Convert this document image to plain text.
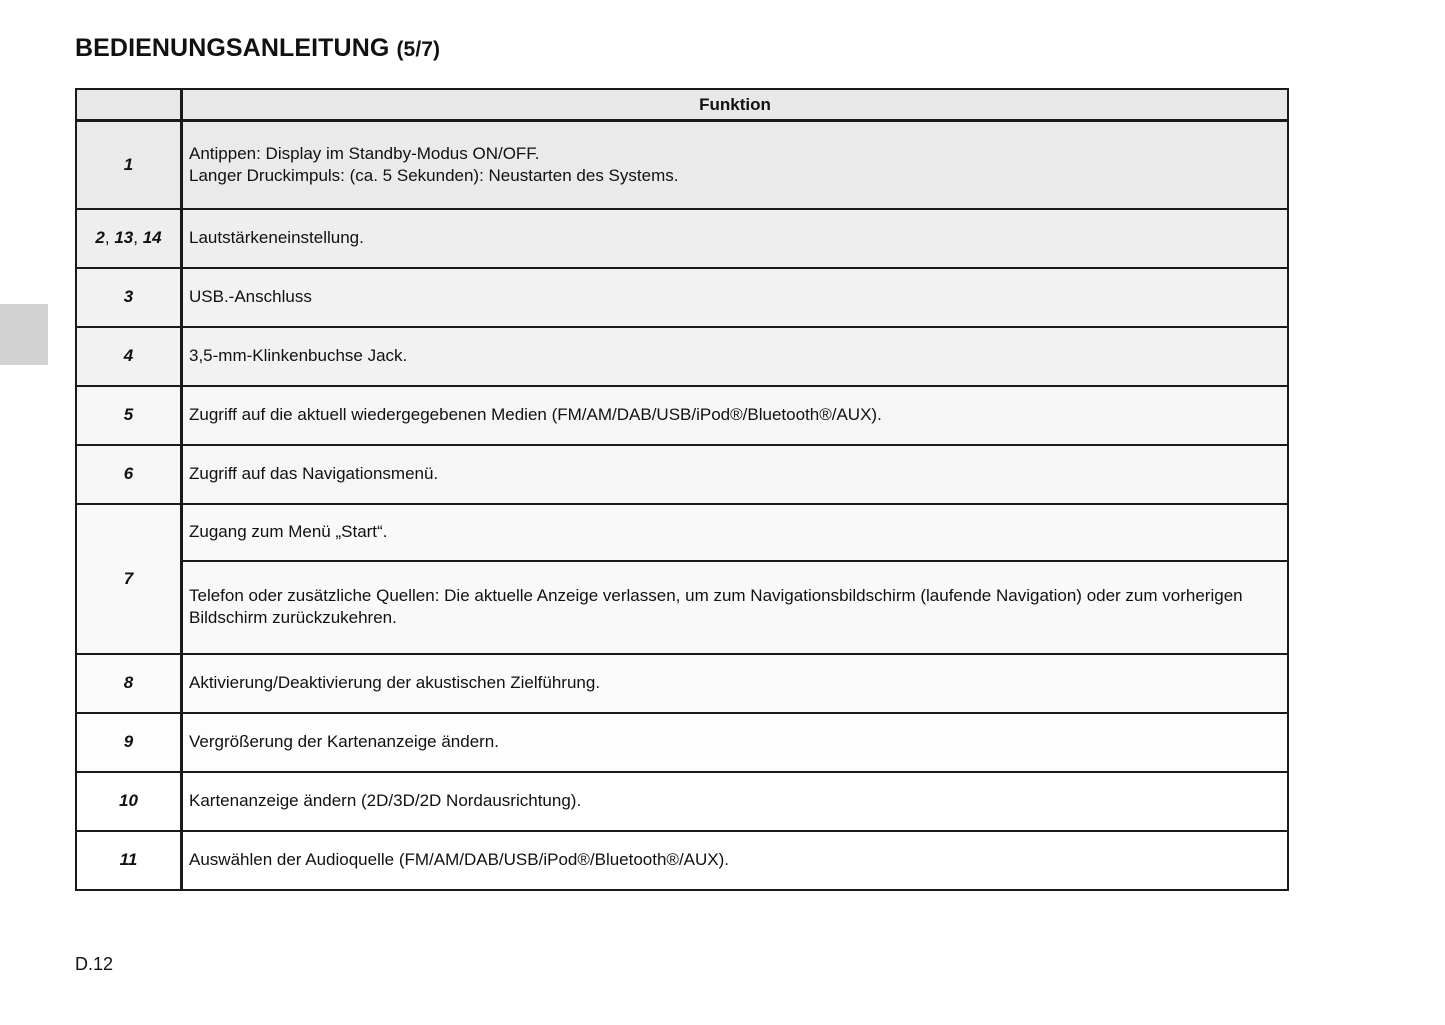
BEDIENUNGSANLEITUNG (5/7)
	Funktion
1	Antippen: Display im Standby-Modus ON/OFF.
Langer Druckimpuls: (ca. 5 Sekunden): Neustarten des Systems.

2, 13, 14	Lautstärkeneinstellung.
3	USB.-Anschluss
4	3,5-mm-Klinkenbuchse Jack.
5	Zugriff auf die aktuell wiedergegebenen Medien (FM/AM/DAB/USB/iPod®/Bluetooth®/AUX).
6	Zugriff auf das Navigationsmenü.
7	Zugang zum Menü „Start“.
	Telefon oder zusätzliche Quellen: Die aktuelle Anzeige verlassen, um zum Navigationsbildschirm (laufende Navigation) oder zum vorherigen Bildschirm zurückzukehren.
8	Aktivierung/Deaktivierung der akustischen Zielführung.
9	Vergrößerung der Kartenanzeige ändern.
10	Kartenanzeige ändern (2D/3D/2D Nordausrichtung).
11	Auswählen der Audioquelle (FM/AM/DAB/USB/iPod®/Bluetooth®/AUX).
D.12
